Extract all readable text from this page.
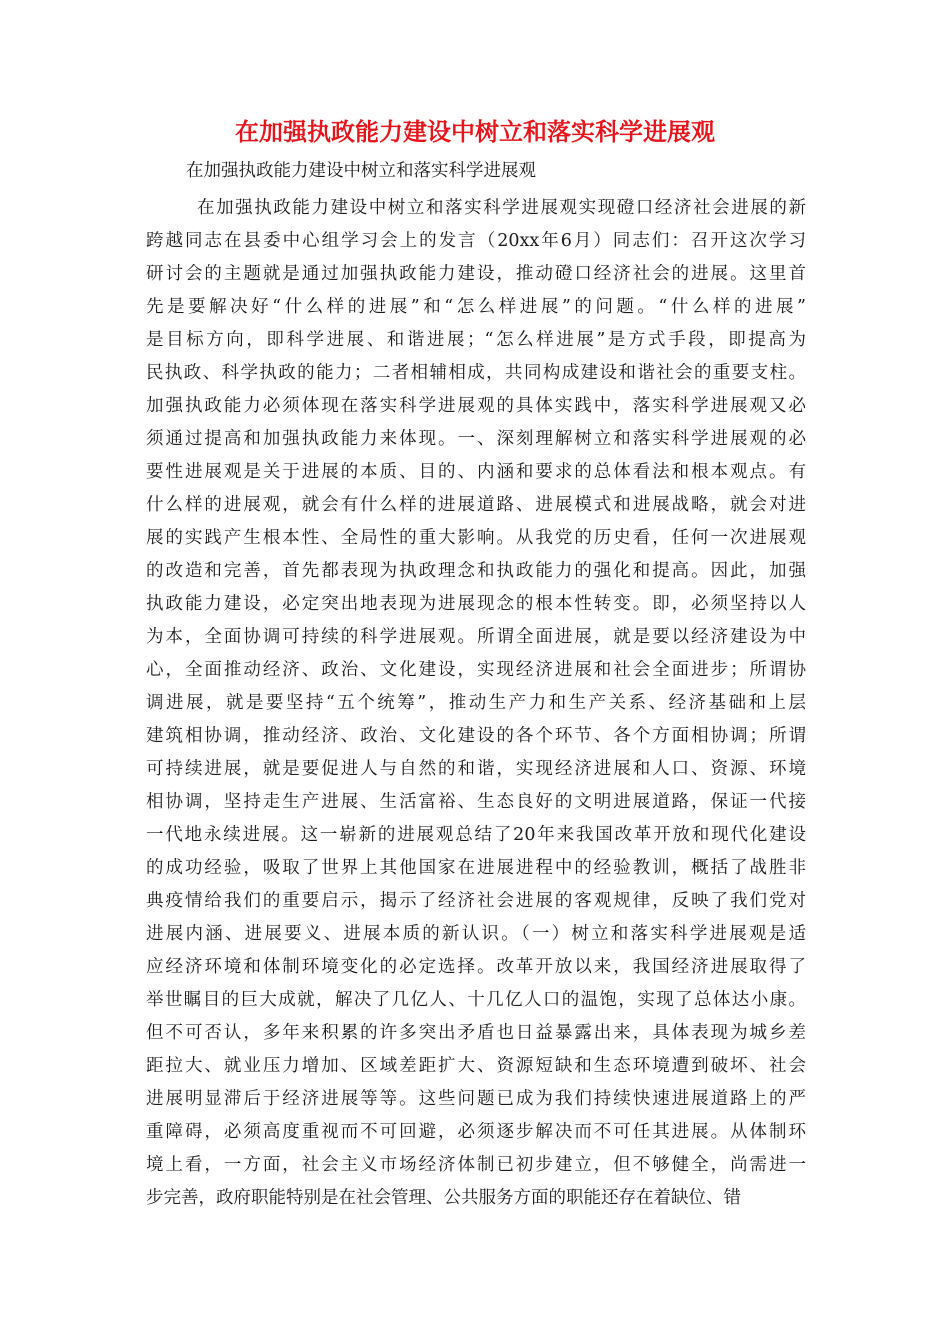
在加强执政能力建设中树立和落实科学进展观
在加强执政能力建设中树立和落实科学进展观
在加强执政能力建设中树立和落实科学进展观实现磴口经济社会进展的新
跨越同志在县委中心组学习会上的发言（20xx年6月）同志们：召开这次学习
研讨会的主题就是通过加强执政能力建设，推动磴口经济社会的进展。这里首
先是要解决好“什么样的进展”和“怎么样进展”的问题。“什么样的进展”
是目标方向，即科学进展、和谐进展；“怎么样进展”是方式手段，即提高为
民执政、科学执政的能力；二者相辅相成，共同构成建设和谐社会的重要支柱。
加强执政能力必须体现在落实科学进展观的具体实践中，落实科学进展观又必
须通过提高和加强执政能力来体现。一、深刻理解树立和落实科学进展观的必
要性进展观是关于进展的本质、目的、内涵和要求的总体看法和根本观点。有
什么样的进展观，就会有什么样的进展道路、进展模式和进展战略，就会对进
展的实践产生根本性、全局性的重大影响。从我党的历史看，任何一次进展观
的改造和完善，首先都表现为执政理念和执政能力的强化和提高。因此，加强
执政能力建设，必定突出地表现为进展现念的根本性转变。即，必须坚持以人
为本，全面协调可持续的科学进展观。所谓全面进展，就是要以经济建设为中
心，全面推动经济、政治、文化建设，实现经济进展和社会全面进步；所谓协
调进展，就是要坚持“五个统筹”，推动生产力和生产关系、经济基础和上层
建筑相协调，推动经济、政治、文化建设的各个环节、各个方面相协调；所谓
可持续进展，就是要促进人与自然的和谐，实现经济进展和人口、资源、环境
相协调，坚持走生产进展、生活富裕、生态良好的文明进展道路，保证一代接
一代地永续进展。这一崭新的进展观总结了20年来我国改革开放和现代化建设
的成功经验，吸取了世界上其他国家在进展进程中的经验教训，概括了战胜非
典疫情给我们的重要启示，揭示了经济社会进展的客观规律，反映了我们党对
进展内涵、进展要义、进展本质的新认识。（一）树立和落实科学进展观是适
应经济环境和体制环境变化的必定选择。改革开放以来，我国经济进展取得了
举世瞩目的巨大成就，解决了几亿人、十几亿人口的温饱，实现了总体达小康。
但不可否认，多年来积累的许多突出矛盾也日益暴露出来，具体表现为城乡差
距拉大、就业压力增加、区域差距扩大、资源短缺和生态环境遭到破坏、社会
进展明显滞后于经济进展等等。这些问题已成为我们持续快速进展道路上的严
重障碍，必须高度重视而不可回避，必须逐步解决而不可任其进展。从体制环
境上看，一方面，社会主义市场经济体制已初步建立，但不够健全，尚需进一
步完善，政府职能特别是在社会管理、公共服务方面的职能还存在着缺位、错
